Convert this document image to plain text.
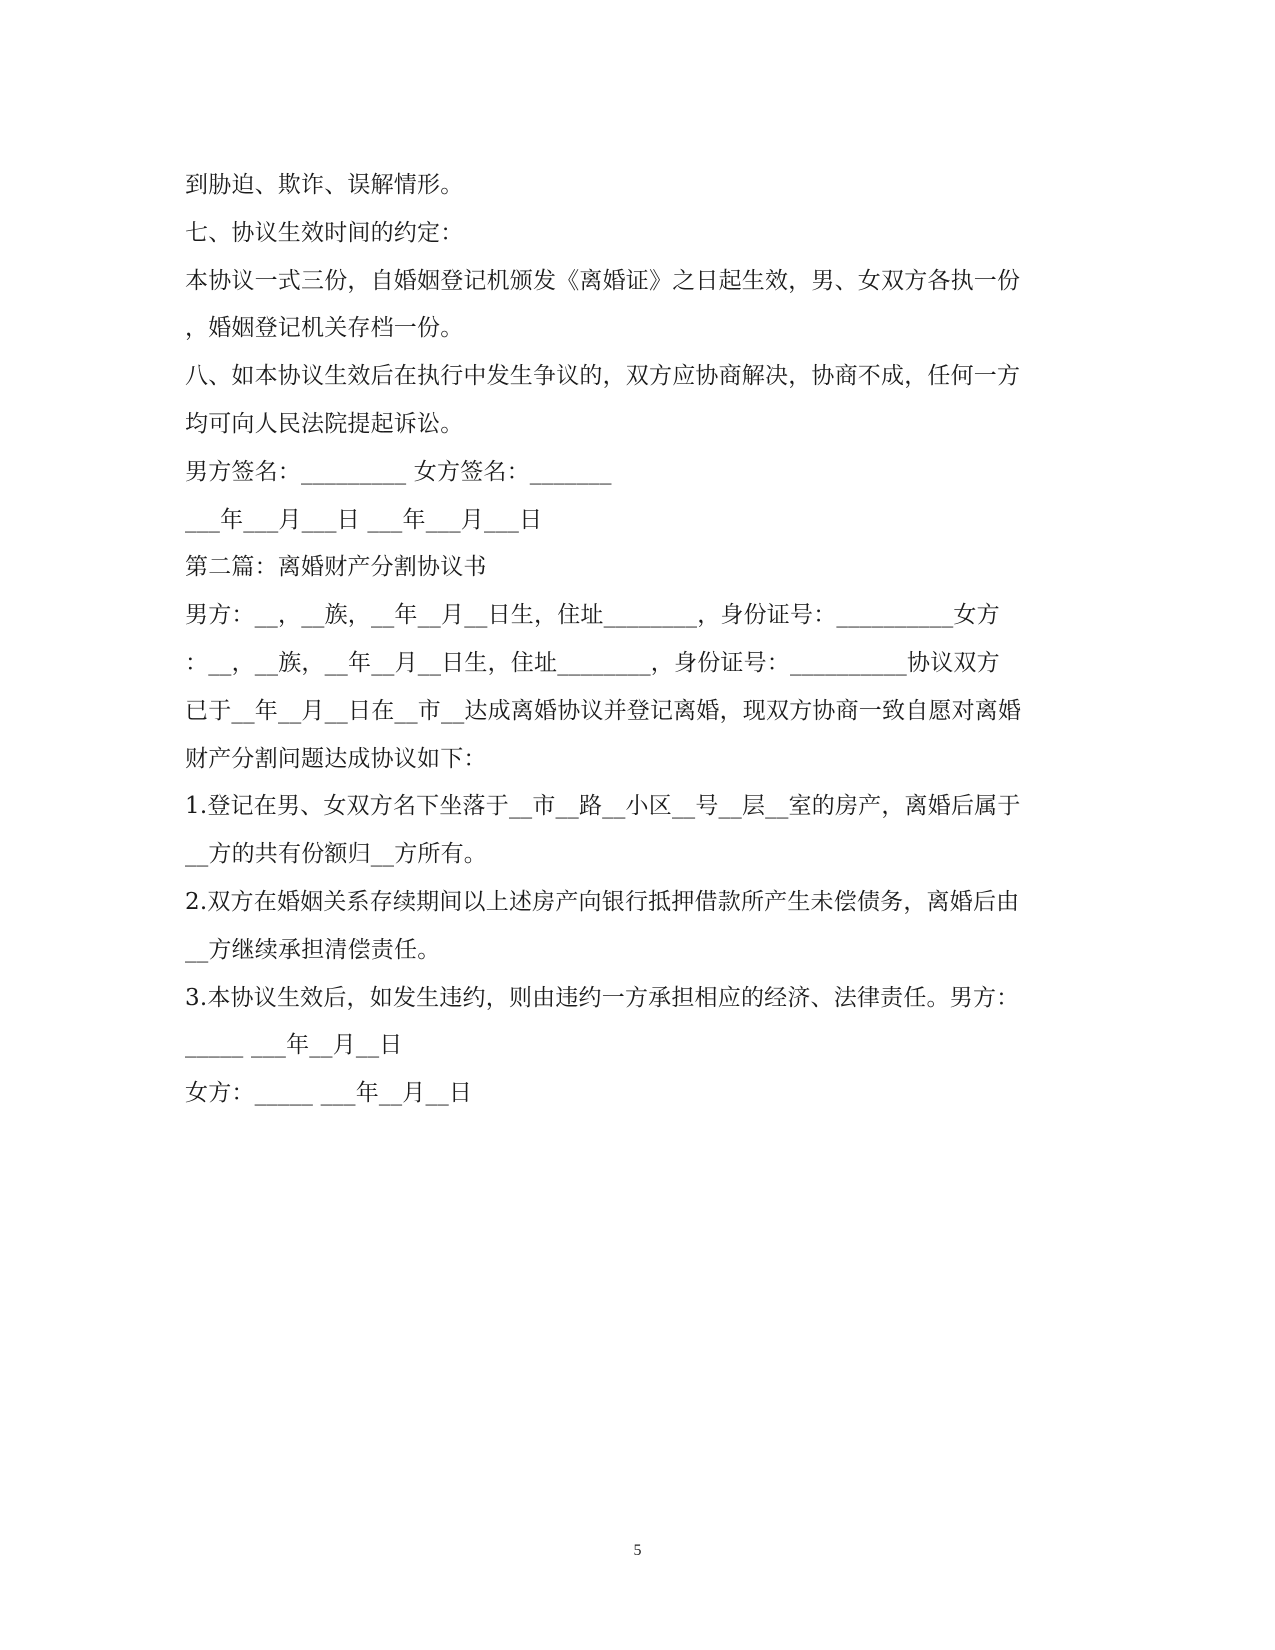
到胁迫、欺诈、误解情形。
七、协议生效时间的约定：
本协议一式三份，自婚姻登记机颁发《离婚证》之日起生效，男、女双方各执一份
，婚姻登记机关存档一份。
八、如本协议生效后在执行中发生争议的，双方应协商解决，协商不成，任何一方
均可向人民法院提起诉讼。
男方签名：_________ 女方签名：_______
___年___月___日 ___年___月___日
第二篇：离婚财产分割协议书
男方：__，__族，__年__月__日生，住址________，身份证号：__________女方
：__，__族，__年__月__日生，住址________，身份证号：__________协议双方
已于__年__月__日在__市__达成离婚协议并登记离婚，现双方协商一致自愿对离婚
财产分割问题达成协议如下：
1.登记在男、女双方名下坐落于__市__路__小区__号__层__室的房产，离婚后属于
__方的共有份额归__方所有。
2.双方在婚姻关系存续期间以上述房产向银行抵押借款所产生未偿债务，离婚后由
__方继续承担清偿责任。
3.本协议生效后，如发生违约，则由违约一方承担相应的经济、法律责任。男方：
_____ ___年__月__日
女方：_____ ___年__月__日
5
